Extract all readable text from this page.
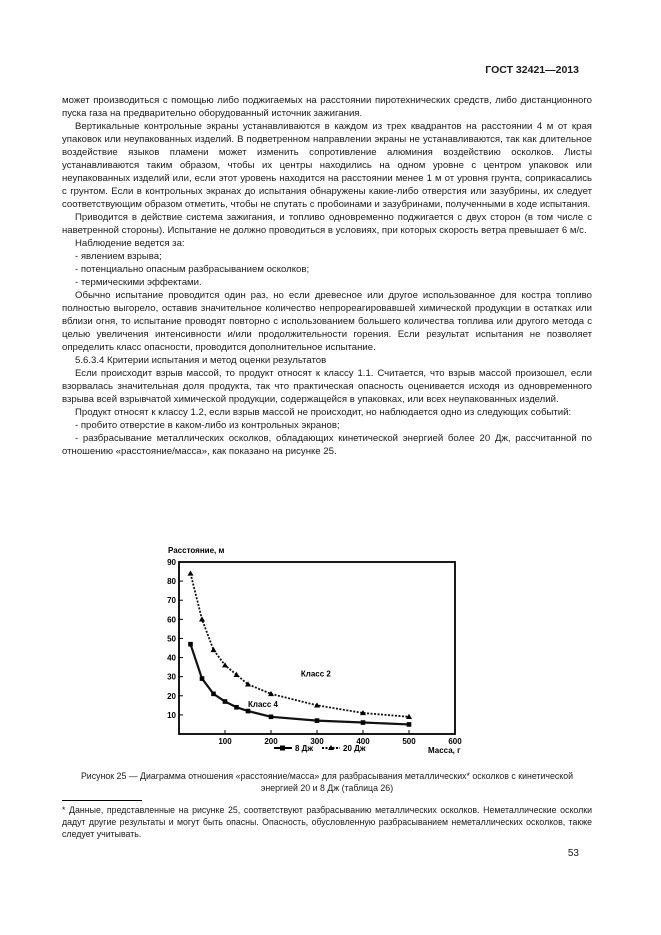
ГОСТ 32421—2013

может производиться с помощью либо поджигаемых на расстоянии пиротехнических средств, либо дистанционного пуска газа на предварительно оборудованный источник зажигания.

Вертикальные контрольные экраны устанавливаются в каждом из трех квадрантов на расстоянии 4 м от края упаковок или неупакованных изделий. В подветренном направлении экраны не устанавливаются, так как длительное воздействие языков пламени может изменить сопротивление алюминия воздействию осколков. Листы устанавливаются таким образом, чтобы их центры находились на одном уровне с центром упаковок или неупакованных изделий или, если этот уровень находится на расстоянии менее 1 м от уровня грунта, соприкасались с грунтом. Если в контрольных экранах до испытания обнаружены какие-либо отверстия или зазубрины, их следует соответствующим образом отметить, чтобы не спутать с пробоинами и зазубринами, полученными в ходе испытания.

Приводится в действие система зажигания, и топливо одновременно поджигается с двух сторон (в том числе с наветренной стороны). Испытание не должно проводиться в условиях, при которых скорость ветра превышает 6 м/с.

Наблюдение ведется за:

- явлением взрыва;

- потенциально опасным разбрасыванием осколков;

- термическими эффектами.

Обычно испытание проводится один раз, но если древесное или другое использованное для костра топливо полностью выгорело, оставив значительное количество непрореагировавшей химической продукции в остатках или вблизи огня, то испытание проводят повторно с использованием большего количества топлива или другого метода с целью увеличения интенсивности и/или продолжительности горения. Если результат испытания не позволяет определить класс опасности, проводится дополнительное испытание.

5.6.3.4 Критерии испытания и метод оценки результатов

Если происходит взрыв массой, то продукт относят к классу 1.1. Считается, что взрыв массой произошел, если взорвалась значительная доля продукта, так что практическая опасность оценивается исходя из одновременного взрыва всей взрывчатой химической продукции, содержащейся в упаковках, или всех неупакованных изделий.

Продукт относят к классу 1.2, если взрыв массой не происходит, но наблюдается одно из следующих событий:

- пробито отверстие в каком-либо из контрольных экранов;

- разбрасывание металлических осколков, обладающих кинетической энергией более 20 Дж, рассчитанной по отношению «расстояние/масса», как показано на рисунке 25.

10
20
30
40
50
60
70
80
90
100	200	300	400	500	600
Расстояние, м
Масса, г
Класс 2
Класс 4
8 Дж	20 Дж
Рисунок 25 — Диаграмма отношения «расстояние/масса» для разбрасывания металлических* осколков с кинетической энергией 20 и 8 Дж (таблица 26)
* Данные, представленные на рисунке 25, соответствуют разбрасыванию металлических осколков. Неметаллические осколки дадут другие результаты и могут быть опасны. Опасность, обусловленную разбрасыванием неметаллических осколков, также следует учитывать.
53
